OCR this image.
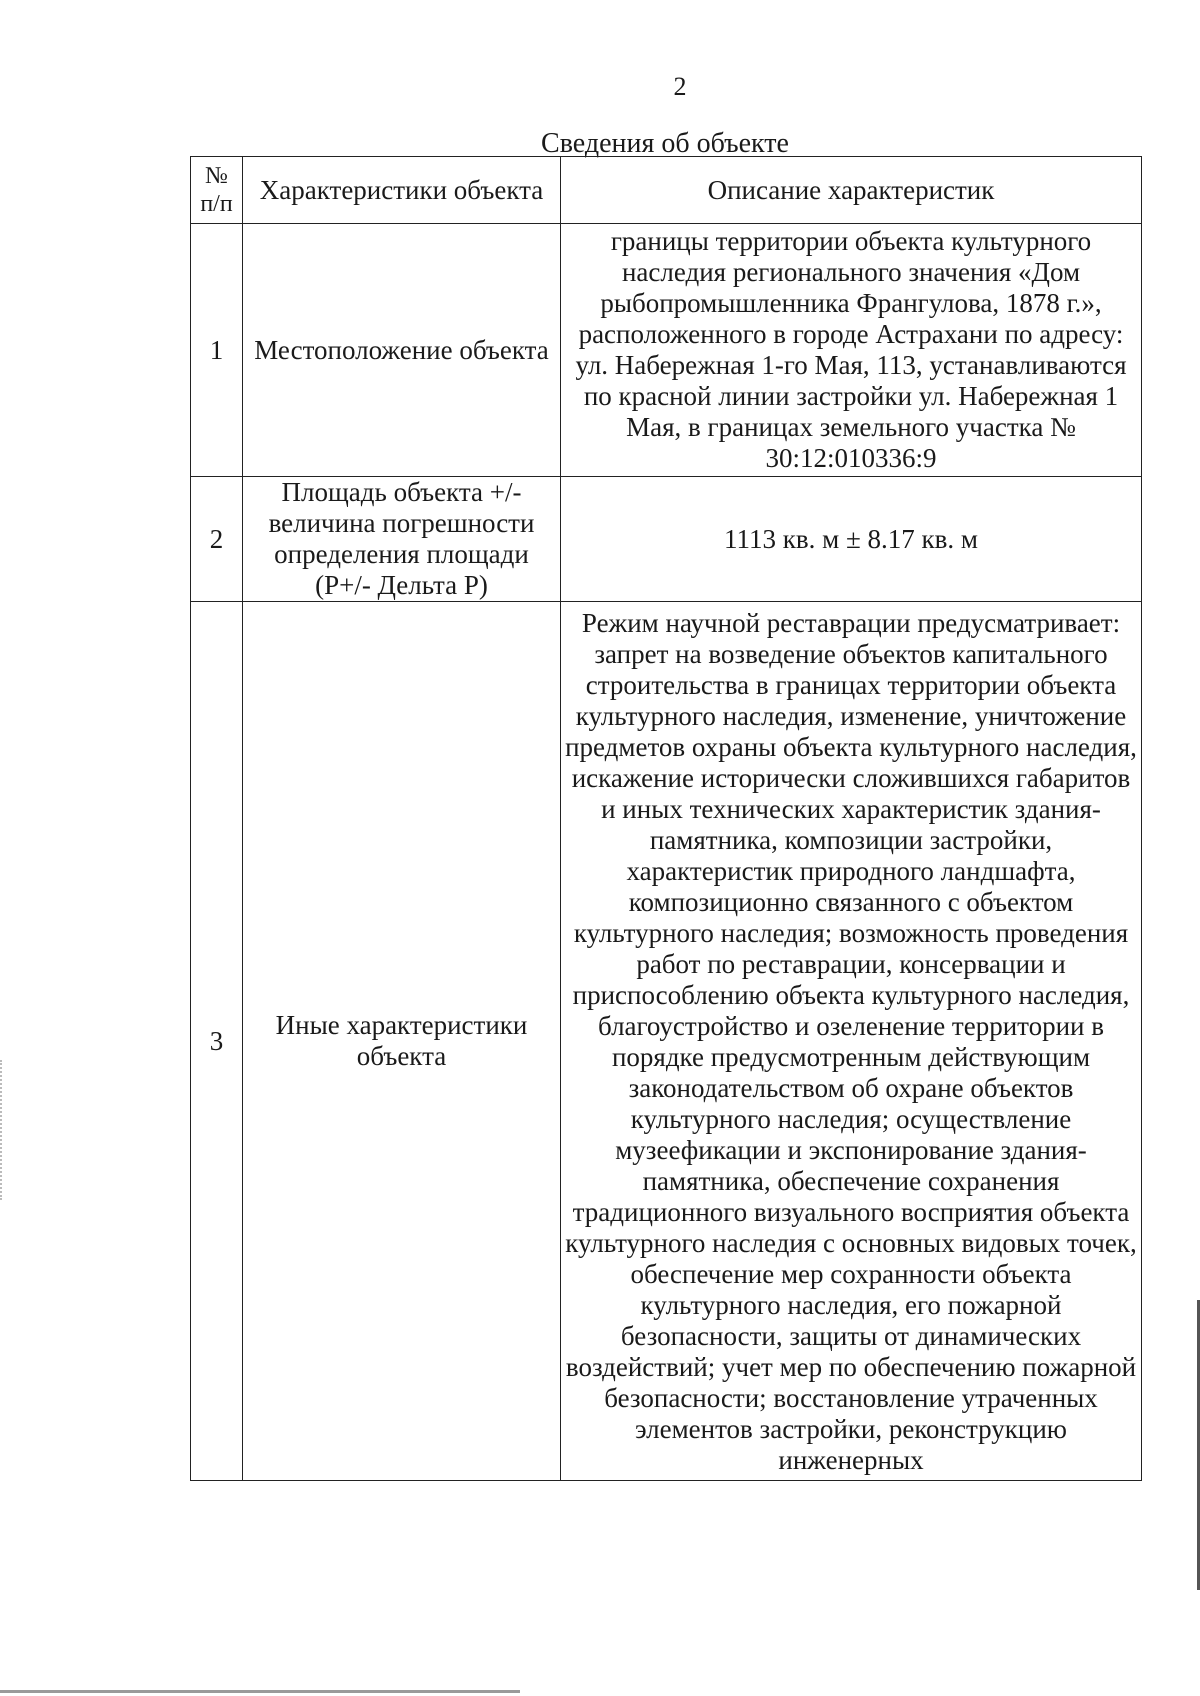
2
Сведения об объекте
№ п/п	Характеристики объекта	Описание характеристик
1	Местоположение объекта	границы территории объекта культурного наследия регионального значения «Дом рыбопромышленника Франгулова, 1878 г.», расположенного в городе Астрахани по адресу: ул. Набережная 1-го Мая, 113, устанавливаются по красной линии застройки ул. Набережная 1 Мая, в границах земельного участка № 30:12:010336:9

2	Площадь объекта +/- величина погрешности определения площади (P+/- Дельта P)	1113 кв. м ± 8.17 кв. м

3	Иные характеристики объекта	Режим научной реставрации предусматривает: запрет на возведение объектов капитального строительства в границах территории объекта культурного наследия, изменение, уничтожение предметов охраны объекта культурного наследия, искажение исторически сложившихся габаритов и иных технических характеристик здания-памятника, композиции застройки, характеристик природного ландшафта, композиционно связанного с объектом культурного наследия; возможность проведения работ по реставрации, консервации и приспособлению объекта культурного наследия, благоустройство и озеленение территории в порядке предусмотренным действующим законодательством об охране объектов культурного наследия; осуществление музеефикации и экспонирование здания-памятника, обеспечение сохранения традиционного визуального восприятия объекта культурного наследия с основных видовых точек, обеспечение мер сохранности объекта культурного наследия, его пожарной безопасности, защиты от динамических воздействий; учет мер по обеспечению пожарной безопасности; восстановление утраченных элементов застройки, реконструкцию инженерных
